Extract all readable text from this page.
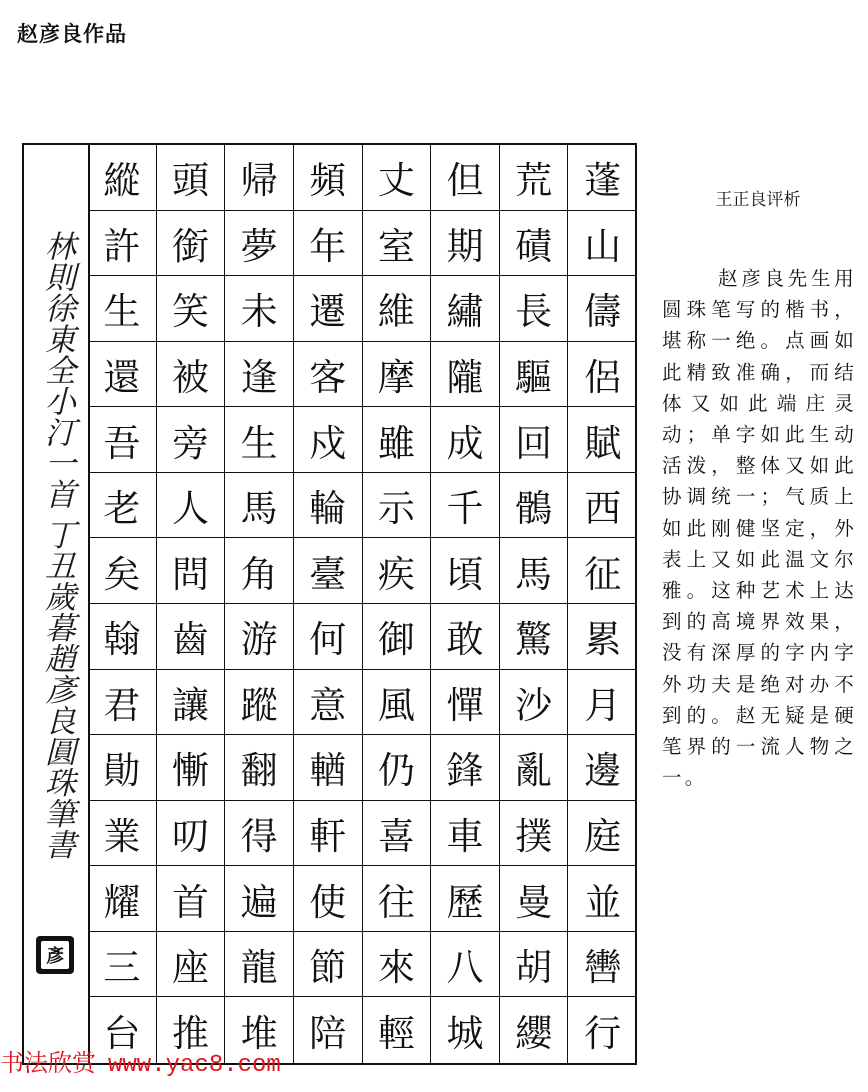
赵彦良作品
林則徐東全小汀一首 丁丑歲暮趙彥良圓珠筆書
彥
縱 頭 帰 頻 丈 但 荒 蓬
許 銜 夢 年 室 期 磧 山
生 笑 未 遷 維 繡 長 儔
還 被 逢 客 摩 隴 驅 侶
吾 旁 生 戍 雖 成 回 賦
老 人 馬 輪 示 千 鶻 西
矣 問 角 臺 疾 頃 馬 征
翰 齒 游 何 御 敢 驚 累
君 讓 蹤 意 風 憚 沙 月
勛 慚 翻 輶 仍 鋒 亂 邊
業 叨 得 軒 喜 車 撲 庭
耀 首 遍 使 往 歷 曼 並
三 座 龍 節 來 八 胡 轡
台 推 堆 陪 輕 城 纓 行
王正良评析
赵彦良先生用圆珠笔写的楷书，堪称一绝。点画如此精致准确，而结体又如此端庄灵动；单字如此生动活泼，整体又如此协调统一；气质上如此刚健坚定，外表上又如此温文尔雅。这种艺术上达到的高境界效果，没有深厚的字内字外功夫是绝对办不到的。赵无疑是硬笔界的一流人物之一。
书法欣赏 www.yac8.com
